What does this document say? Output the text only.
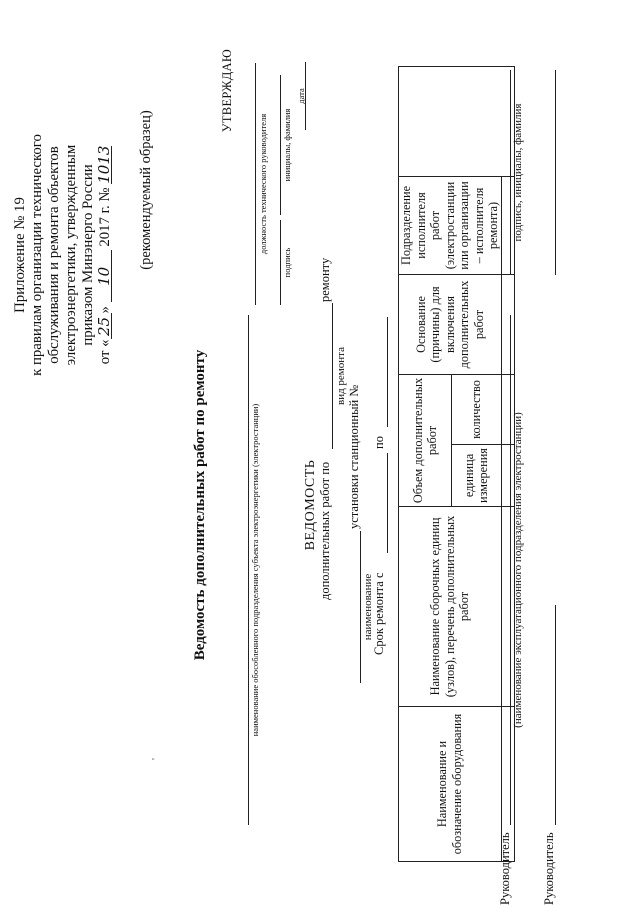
Приложение № 19 к правилам организации технического обслуживания и ремонта объектов электроэнергетики, утвержденным приказом Минэнерго России
от «25» 10 2017 г. № 1013 (рекомендуемый образец)
УТВЕРЖДАЮ
должность технического руководителя
подпись
инициалы, фамилия
дата
Ведомость дополнительных работ по ремонту	наименование обособленного подразделения субъекта электроэнергетики (электростанции)	ВЕДОМОСТЬ дополнительных работ по
ремонту
вид ремонта
установки станционный №
наименование
Срок ремонта с
по
Наименование и обозначение оборудования	Наименование сборочных единиц (узлов), перечень дополнительных работ	Объем дополнительных работ		Основание (причины) для включения дополнительных работ	Подразделение исполнителя работ (электростанции или организации – исполнителя ремонта)	
		единица измерения	количество			

Руководитель
(наименование эксплуатационного подразделения электростанции)
подпись, инициалы, фамилия
Руководитель
'
